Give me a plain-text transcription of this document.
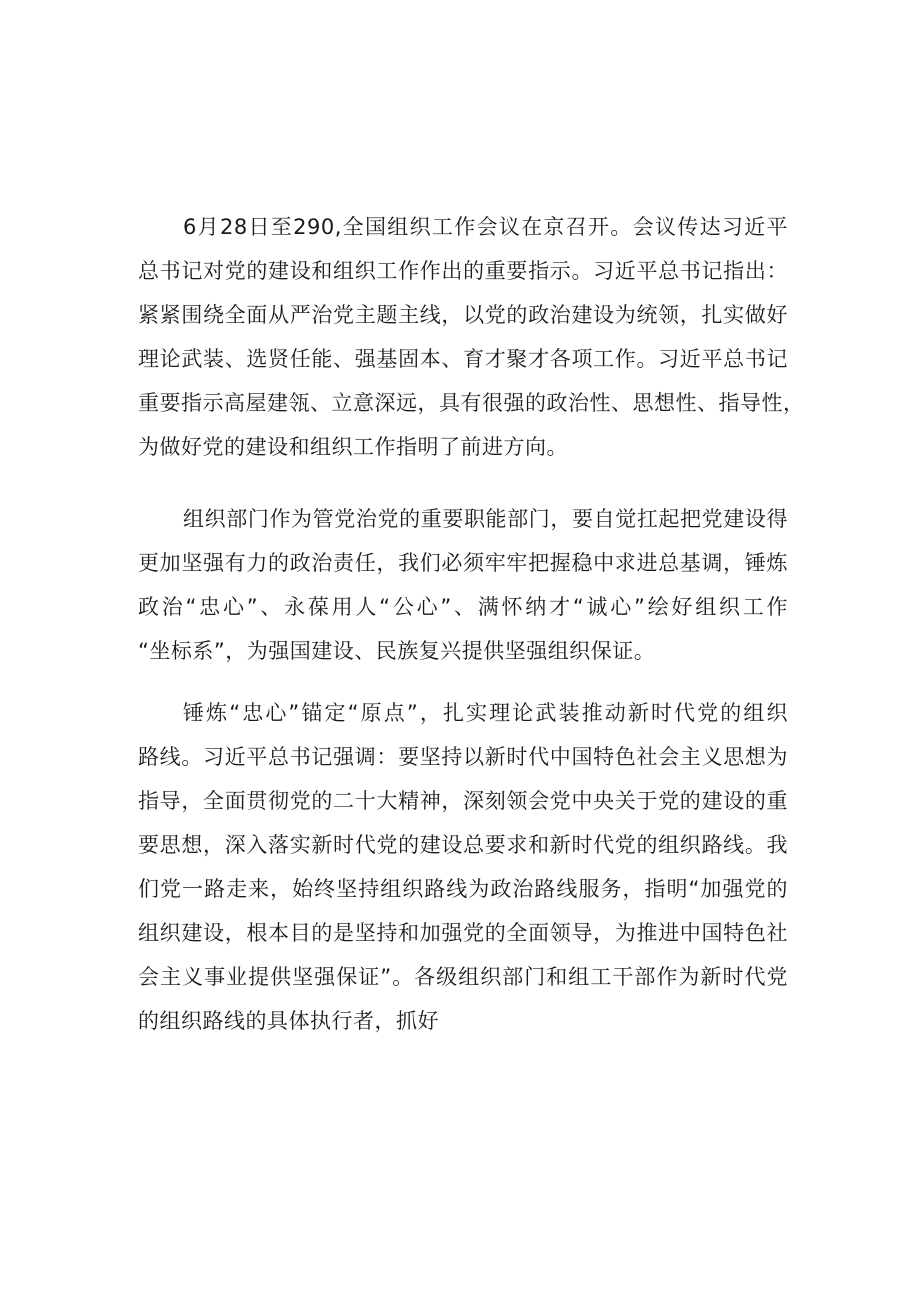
6月28日至290,全国组织工作会议在京召开。会议传达习近平
总书记对党的建设和组织工作作出的重要指示。习近平总书记指出：
紧紧围绕全面从严治党主题主线，以党的政治建设为统领，扎实做好
理论武装、选贤任能、强基固本、育才聚才各项工作。习近平总书记
重要指示高屋建瓴、立意深远，具有很强的政治性、思想性、指导性，
为做好党的建设和组织工作指明了前进方向。
组织部门作为管党治党的重要职能部门，要自觉扛起把党建设得
更加坚强有力的政治责任，我们必须牢牢把握稳中求进总基调，锤炼
政治“忠心”、永葆用人“公心”、满怀纳才“诚心”绘好组织工作
“坐标系”，为强国建设、民族复兴提供坚强组织保证。
锤炼“忠心”锚定“原点”，扎实理论武装推动新时代党的组织
路线。习近平总书记强调：要坚持以新时代中国特色社会主义思想为
指导，全面贯彻党的二十大精神，深刻领会党中央关于党的建设的重
要思想，深入落实新时代党的建设总要求和新时代党的组织路线。我
们党一路走来，始终坚持组织路线为政治路线服务，指明“加强党的
组织建设，根本目的是坚持和加强党的全面领导，为推进中国特色社
会主义事业提供坚强保证”。各级组织部门和组工干部作为新时代党
的组织路线的具体执行者，抓好
